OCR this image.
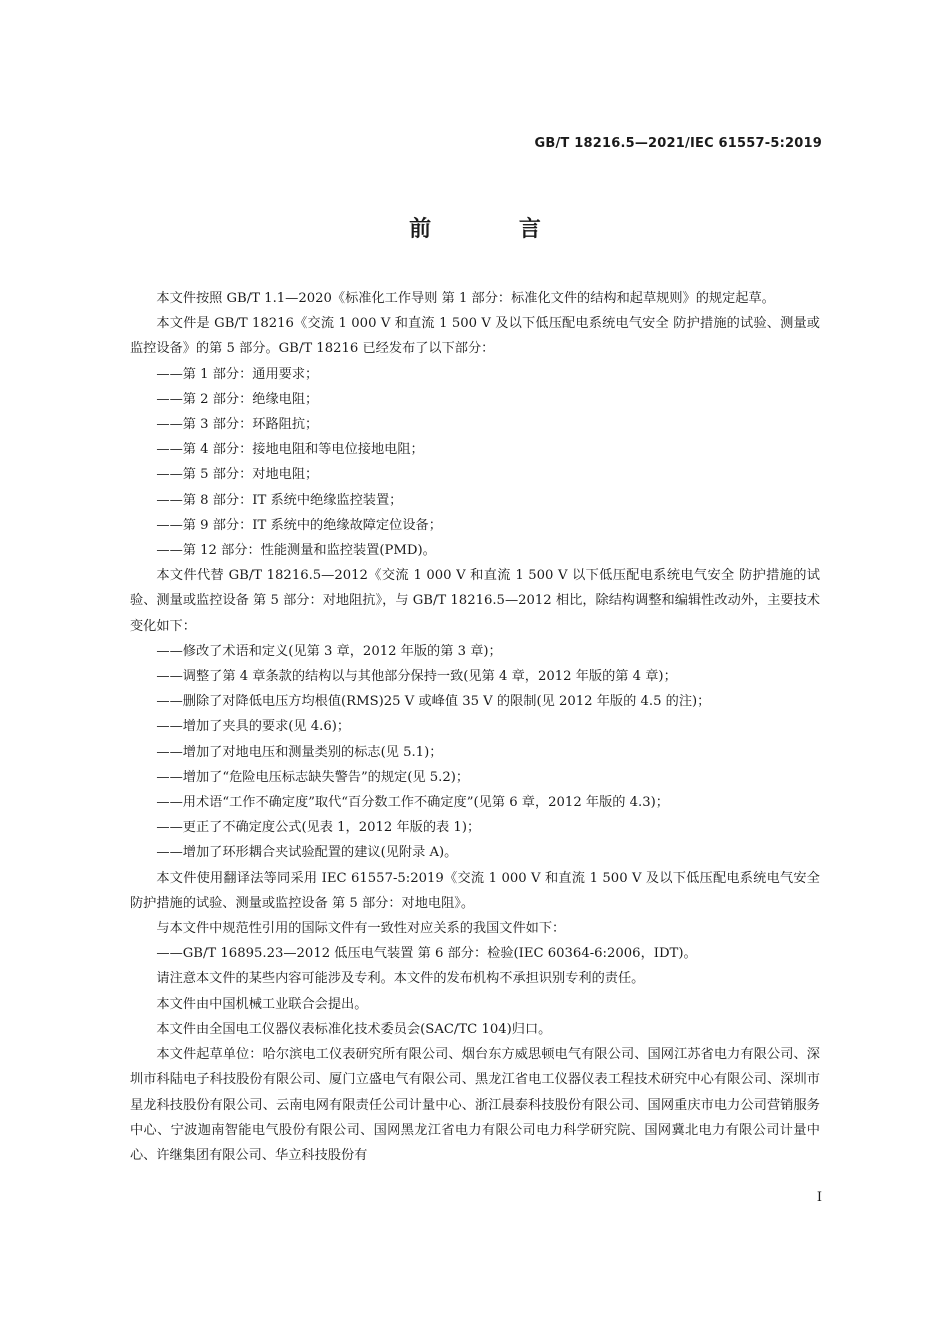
GB/T 18216.5—2021/IEC 61557-5:2019
前 言

本文件按照 GB/T 1.1—2020《标准化工作导则 第 1 部分：标准化文件的结构和起草规则》的规定起草。

本文件是 GB/T 18216《交流 1 000 V 和直流 1 500 V 及以下低压配电系统电气安全 防护措施的试验、测量或监控设备》的第 5 部分。GB/T 18216 已经发布了以下部分：

——第 1 部分：通用要求；

——第 2 部分：绝缘电阻；

——第 3 部分：环路阻抗；

——第 4 部分：接地电阻和等电位接地电阻；

——第 5 部分：对地电阻；

——第 8 部分：IT 系统中绝缘监控装置；

——第 9 部分：IT 系统中的绝缘故障定位设备；

——第 12 部分：性能测量和监控装置(PMD)。

本文件代替 GB/T 18216.5—2012《交流 1 000 V 和直流 1 500 V 以下低压配电系统电气安全 防护措施的试验、测量或监控设备 第 5 部分：对地阻抗》，与 GB/T 18216.5—2012 相比，除结构调整和编辑性改动外，主要技术变化如下：

——修改了术语和定义(见第 3 章，2012 年版的第 3 章)；

——调整了第 4 章条款的结构以与其他部分保持一致(见第 4 章，2012 年版的第 4 章)；

——删除了对降低电压方均根值(RMS)25 V 或峰值 35 V 的限制(见 2012 年版的 4.5 的注)；

——增加了夹具的要求(见 4.6)；

——增加了对地电压和测量类别的标志(见 5.1)；

——增加了“危险电压标志缺失警告”的规定(见 5.2)；

——用术语“工作不确定度”取代“百分数工作不确定度”(见第 6 章，2012 年版的 4.3)；

——更正了不确定度公式(见表 1，2012 年版的表 1)；

——增加了环形耦合夹试验配置的建议(见附录 A)。

本文件使用翻译法等同采用 IEC 61557-5:2019《交流 1 000 V 和直流 1 500 V 及以下低压配电系统电气安全 防护措施的试验、测量或监控设备 第 5 部分：对地电阻》。

与本文件中规范性引用的国际文件有一致性对应关系的我国文件如下：

——GB/T 16895.23—2012 低压电气装置 第 6 部分：检验(IEC 60364-6:2006，IDT)。

请注意本文件的某些内容可能涉及专利。本文件的发布机构不承担识别专利的责任。

本文件由中国机械工业联合会提出。

本文件由全国电工仪器仪表标准化技术委员会(SAC/TC 104)归口。

本文件起草单位：哈尔滨电工仪表研究所有限公司、烟台东方威思顿电气有限公司、国网江苏省电力有限公司、深圳市科陆电子科技股份有限公司、厦门立盛电气有限公司、黑龙江省电工仪器仪表工程技术研究中心有限公司、深圳市星龙科技股份有限公司、云南电网有限责任公司计量中心、浙江晨泰科技股份有限公司、国网重庆市电力公司营销服务中心、宁波迦南智能电气股份有限公司、国网黑龙江省电力有限公司电力科学研究院、国网冀北电力有限公司计量中心、许继集团有限公司、华立科技股份有

I
